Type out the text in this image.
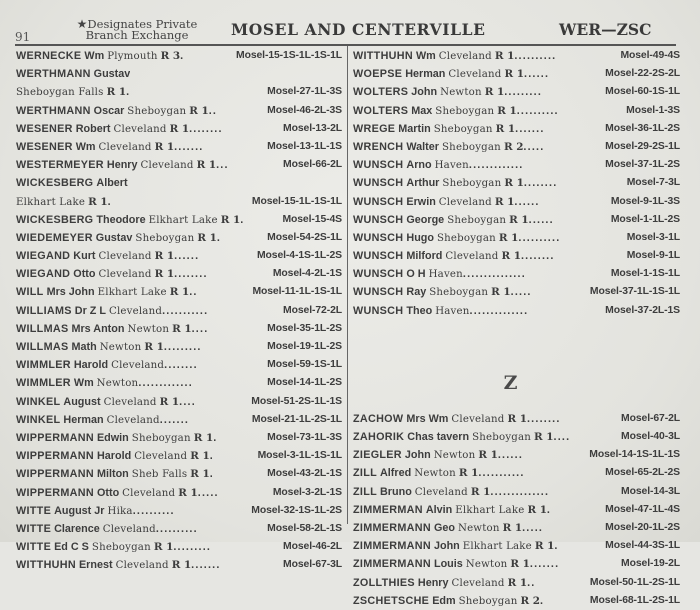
91
★Designates Private
Branch Exchange	MOSEL AND CENTERVILLE	WER—ZSC
WERNECKE Wm Plymouth R 3 .	Mosel-15-1S-1L-1S-1L
WERTHMANN Gustav
Sheboygan Falls R 1 .	Mosel-27-1L-3S
WERTHMANN Oscar Sheboygan R 1 ..	Mosel-46-2L-3S
WESENER Robert Cleveland R 1 ........	Mosel-13-2L
WESENER Wm Cleveland R 1 .......	Mosel-13-1L-1S
WESTERMEYER Henry Cleveland R 1 ...	Mosel-66-2L
WICKESBERG Albert
Elkhart Lake R 1 .	Mosel-15-1L-1S-1L
WICKESBERG Theodore Elkhart Lake R 1 .	Mosel-15-4S
WIEDEMEYER Gustav Sheboygan R 1 .	Mosel-54-2S-1L
WIEGAND Kurt Cleveland R 1 ......	Mosel-4-1S-1L-2S
WIEGAND Otto Cleveland R 1 ........	Mosel-4-2L-1S
WILL Mrs John Elkhart Lake R 1 ..	Mosel-11-1L-1S-1L
WILLIAMS Dr Z L Cleveland ...........	Mosel-72-2L
WILLMAS Mrs Anton Newton R 1 ....	Mosel-35-1L-2S
WILLMAS Math Newton R 1 .........	Mosel-19-1L-2S
WIMMLER Harold Cleveland ........	Mosel-59-1S-1L
WIMMLER Wm Newton .............	Mosel-14-1L-2S
WINKEL August Cleveland R 1 ....	Mosel-51-2S-1L-1S
WINKEL Herman Cleveland .......	Mosel-21-1L-2S-1L
WIPPERMANN Edwin Sheboygan R 1 .	Mosel-73-1L-3S
WIPPERMANN Harold Cleveland R 1 .	Mosel-3-1L-1S-1L
WIPPERMANN Milton Sheb Falls R 1 .	Mosel-43-2L-1S
WIPPERMANN Otto Cleveland R 1 .....	Mosel-3-2L-1S
WITTE August Jr Hika ..........	Mosel-32-1S-1L-2S
WITTE Clarence Cleveland ..........	Mosel-58-2L-1S
WITTE Ed C S Sheboygan R 1 .........	Mosel-46-2L
WITTHUHN Ernest Cleveland R 1 .......	Mosel-67-3L
WITTHUHN Wm Cleveland R 1 ..........	Mosel-49-4S
WOEPSE Herman Cleveland R 1 ......	Mosel-22-2S-2L
WOLTERS John Newton R 1 .........	Mosel-60-1S-1L
WOLTERS Max Sheboygan R 1 ..........	Mosel-1-3S
WREGE Martin Sheboygan R 1 .......	Mosel-36-1L-2S
WRENCH Walter Sheboygan R 2 .....	Mosel-29-2S-1L
WUNSCH Arno Haven .............	Mosel-37-1L-2S
WUNSCH Arthur Sheboygan R 1 ........	Mosel-7-3L
WUNSCH Erwin Cleveland R 1 ......	Mosel-9-1L-3S
WUNSCH George Sheboygan R 1 ......	Mosel-1-1L-2S
WUNSCH Hugo Sheboygan R 1 ..........	Mosel-3-1L
WUNSCH Milford Cleveland R 1 ........	Mosel-9-1L
WUNSCH O H Haven ...............	Mosel-1-1S-1L
WUNSCH Ray Sheboygan R 1 .....	Mosel-37-1L-1S-1L
WUNSCH Theo Haven ..............	Mosel-37-2L-1S
Z
ZACHOW Mrs Wm Cleveland R 1 ........	Mosel-67-2L
ZAHORIK Chas tavern Sheboygan R 1 ....	Mosel-40-3L
ZIEGLER John Newton R 1 ......	Mosel-14-1S-1L-1S
ZILL Alfred Newton R 1 ...........	Mosel-65-2L-2S
ZILL Bruno Cleveland R 1 ..............	Mosel-14-3L
ZIMMERMAN Alvin Elkhart Lake R 1 .	Mosel-47-1L-4S
ZIMMERMANN Geo Newton R 1 .....	Mosel-20-1L-2S
ZIMMERMANN John Elkhart Lake R 1 .	Mosel-44-3S-1L
ZIMMERMANN Louis Newton R 1 .......	Mosel-19-2L
ZOLLTHIES Henry Cleveland R 1 ..	Mosel-50-1L-2S-1L
ZSCHETSCHE Edm Sheboygan R 2 .	Mosel-68-1L-2S-1L
